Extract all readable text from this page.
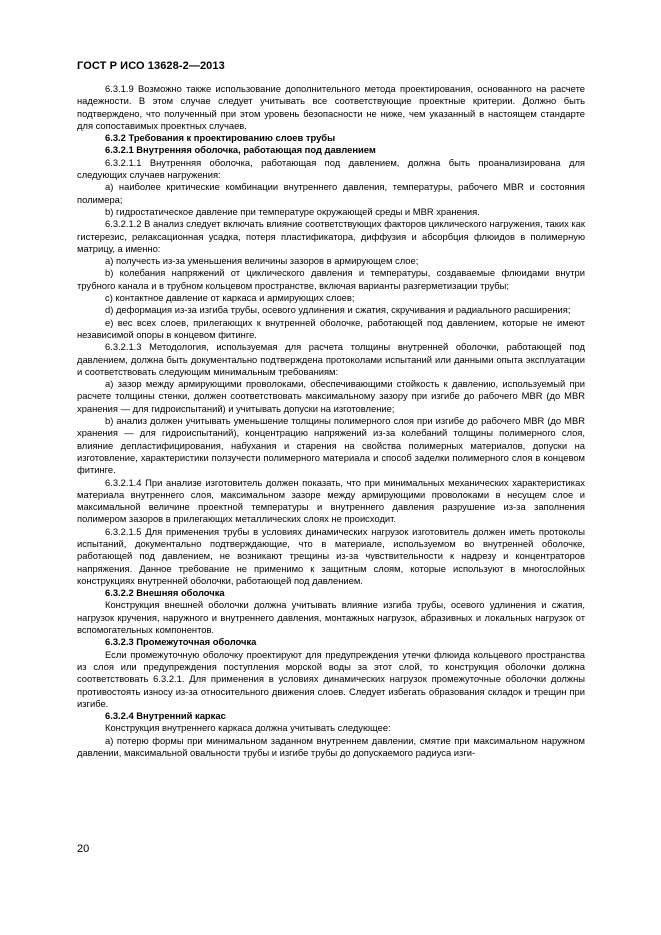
ГОСТ Р ИСО 13628-2—2013

6.3.1.9 Возможно также использование дополнительного метода проектирования, основанного на расчете надежности. В этом случае следует учитывать все соответствующие проектные критерии. Должно быть подтверждено, что полученный при этом уровень безопасности не ниже, чем указанный в настоящем стандарте для сопоставимых проектных случаев.

6.3.2 Требования к проектированию слоев трубы

6.3.2.1 Внутренняя оболочка, работающая под давлением

6.3.2.1.1 Внутренняя оболочка, работающая под давлением, должна быть проанализирована для следующих случаев нагружения:

a) наиболее критические комбинации внутреннего давления, температуры, рабочего MBR и состояния полимера;

b) гидростатическое давление при температуре окружающей среды и MBR хранения.

6.3.2.1.2 В анализ следует включать влияние соответствующих факторов циклического нагружения, таких как гистерезис, релаксационная усадка, потеря пластификатора, диффузия и абсорбция флюидов в полимерную матрицу, а именно:

a) получесть из-за уменьшения величины зазоров в армирующем слое;

b) колебания напряжений от циклического давления и температуры, создаваемые флюидами внутри трубного канала и в трубном кольцевом пространстве, включая варианты разгерметизации трубы;

c) контактное давление от каркаса и армирующих слоев;

d) деформация из-за изгиба трубы, осевого удлинения и сжатия, скручивания и радиального расширения;

e) вес всех слоев, прилегающих к внутренней оболочке, работающей под давлением, которые не имеют независимой опоры в концевом фитинге.

6.3.2.1.3 Методология, используемая для расчета толщины внутренней оболочки, работающей под давлением, должна быть документально подтверждена протоколами испытаний или данными опыта эксплуатации и соответствовать следующим минимальным требованиям:

a) зазор между армирующими проволоками, обеспечивающими стойкость к давлению, используемый при расчете толщины стенки, должен соответствовать максимальному зазору при изгибе до рабочего MBR (до MBR хранения — для гидроиспытаний) и учитывать допуски на изготовление;

b) анализ должен учитывать уменьшение толщины полимерного слоя при изгибе до рабочего MBR (до MBR хранения — для гидроиспытаний), концентрацию напряжений из-за колебаний толщины полимерного слоя, влияние депластифицирования, набухания и старения на свойства полимерных материалов, допуски на изготовление, характеристики ползучести полимерного материала и способ заделки полимерного слоя в концевом фитинге.

6.3.2.1.4 При анализе изготовитель должен показать, что при минимальных механических характеристиках материала внутреннего слоя, максимальном зазоре между армирующими проволоками в несущем слое и максимальной величине проектной температуры и внутреннего давления разрушение из-за заполнения полимером зазоров в прилегающих металлических слоях не происходит.

6.3.2.1.5 Для применения трубы в условиях динамических нагрузок изготовитель должен иметь протоколы испытаний, документально подтверждающие, что в материале, используемом во внутренней оболочке, работающей под давлением, не возникают трещины из-за чувствительности к надрезу и концентраторов напряжения. Данное требование не применимо к защитным слоям, которые используют в многослойных конструкциях внутренней оболочки, работающей под давлением.

6.3.2.2 Внешняя оболочка

Конструкция внешней оболочки должна учитывать влияние изгиба трубы, осевого удлинения и сжатия, нагрузок кручения, наружного и внутреннего давления, монтажных нагрузок, абразивных и локальных нагрузок от вспомогательных компонентов.

6.3.2.3 Промежуточная оболочка

Если промежуточную оболочку проектируют для предупреждения утечки флюида кольцевого пространства из слоя или предупреждения поступления морской воды за этот слой, то конструкция оболочки должна соответствовать 6.3.2.1. Для применения в условиях динамических нагрузок промежуточные оболочки должны противостоять износу из-за относительного движения слоев. Следует избегать образования складок и трещин при изгибе.

6.3.2.4 Внутренний каркас

Конструкция внутреннего каркаса должна учитывать следующее:

a) потерю формы при минимальном заданном внутреннем давлении, смятие при максимальном наружном давлении, максимальной овальности трубы и изгибе трубы до допускаемого радиуса изги-

20
